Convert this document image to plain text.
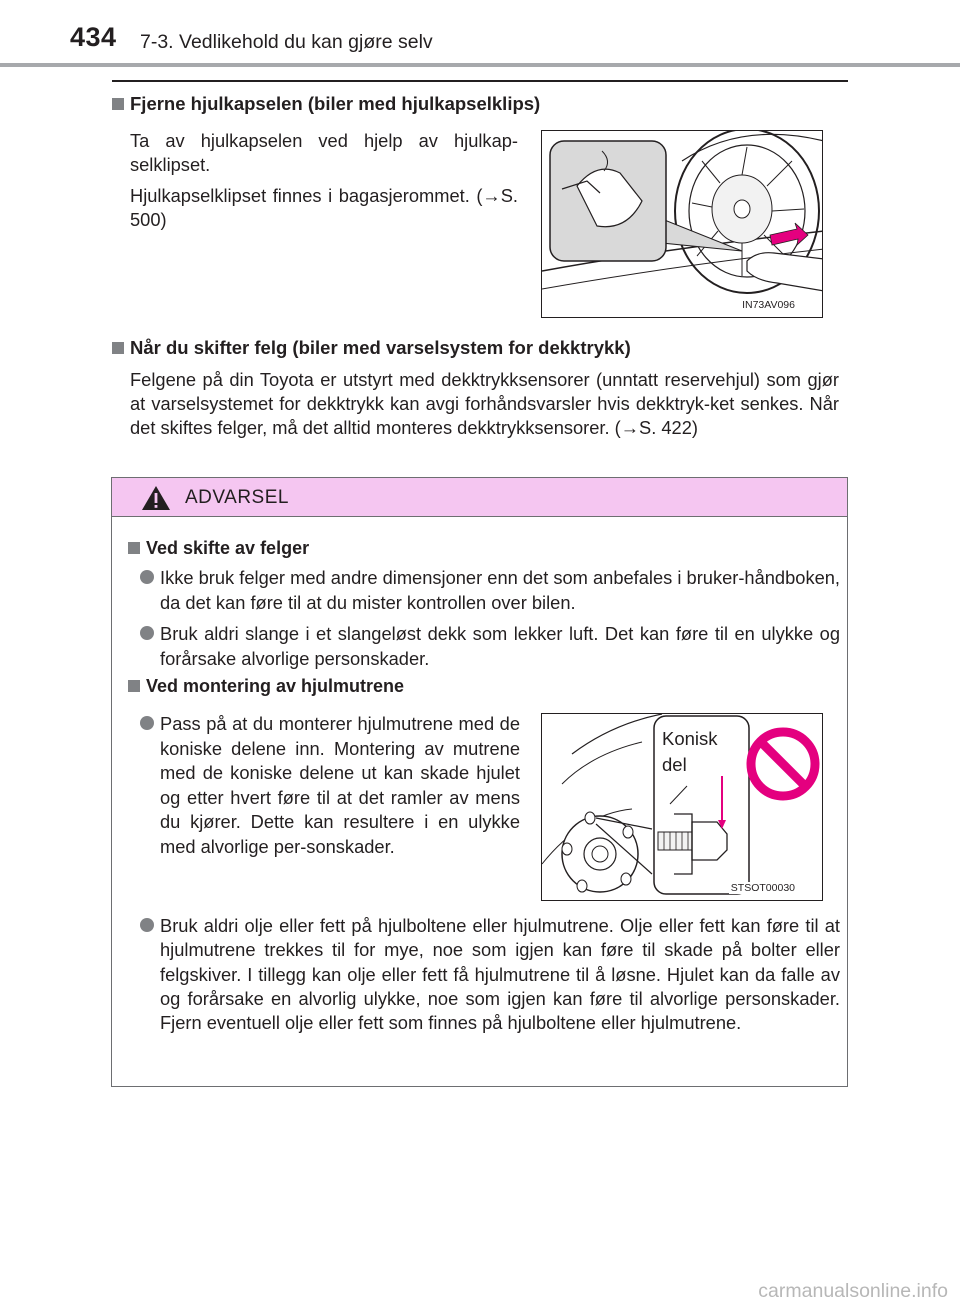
434 7-3. Vedlikehold du kan gjøre selv
Fjerne hjulkapselen (biler med hjulkapselklips)

Ta av hjulkapselen ved hjelp av hjulkap-selklipset.

Hjulkapselklipset finnes i bagasjerommet. (→S. 500)

IN73AV096
Når du skifter felg (biler med varselsystem for dekktrykk)
Felgene på din Toyota er utstyrt med dekktrykksensorer (unntatt reservehjul) som gjør at varselsystemet for dekktrykk kan avgi forhåndsvarsler hvis dekktryk-ket senkes. Når det skiftes felger, må det alltid monteres dekktrykksensorer. (→S. 422)
ADVARSEL
Ved skifte av felger
Ikke bruk felger med andre dimensjoner enn det som anbefales i bruker-håndboken, da det kan føre til at du mister kontrollen over bilen.
Bruk aldri slange i et slangeløst dekk som lekker luft. Det kan føre til en ulykke og forårsake alvorlige personskader.
Ved montering av hjulmutrene
Pass på at du monterer hjulmutrene med de koniske delene inn. Montering av mutrene med de koniske delene ut kan skade hjulet og etter hvert føre til at det ramler av mens du kjører. Dette kan resultere i en ulykke med alvorlige per-sonskader.
Konisk
del
STSOT00030
Bruk aldri olje eller fett på hjulboltene eller hjulmutrene. Olje eller fett kan føre til at hjulmutrene trekkes til for mye, noe som igjen kan føre til skade på bolter eller felgskiver. I tillegg kan olje eller fett få hjulmutrene til å løsne. Hjulet kan da falle av og forårsake en alvorlig ulykke, noe som igjen kan føre til alvorlige personskader. Fjern eventuell olje eller fett som finnes på hjulboltene eller hjulmutrene.
carmanualsonline.info
